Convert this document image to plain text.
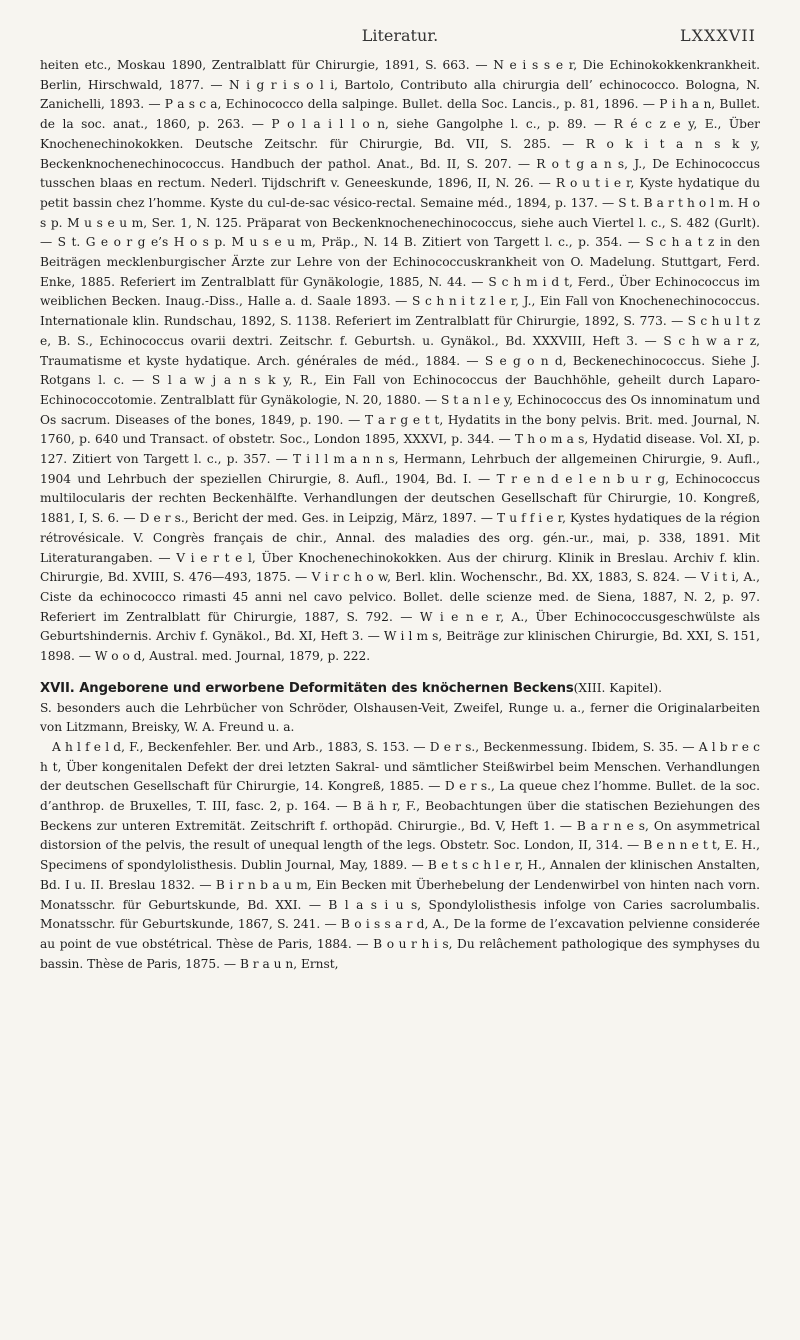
Literatur.	LXXXVII

heiten etc., Moskau 1890, Zentralblatt für Chirurgie, 1891, S. 663. — N e i s s e r, Die Echinokokkenkrankheit. Berlin, Hirschwald, 1877. — N i g r i s o l i, Bartolo, Contributo alla chirurgia dell’ echinococco. Bologna, N. Zanichelli, 1893. — P a s c a, Echinococco della salpinge. Bullet. della Soc. Lancis., p. 81, 1896. — P i h a n, Bullet. de la soc. anat., 1860, p. 263. — P o l a i l l o n, siehe Gangolphe l. c., p. 89. — R é c z e y, E., Über Knochenechinokokken. Deutsche Zeitschr. für Chirurgie, Bd. VII, S. 285. — R o k i t a n s k y, Beckenknochenechinococcus. Handbuch der pathol. Anat., Bd. II, S. 207. — R o t g a n s, J., De Echinococcus tusschen blaas en rectum. Nederl. Tijdschrift v. Geneeskunde, 1896, II, N. 26. — R o u t i e r, Kyste hydatique du petit bassin chez l’homme. Kyste du cul-de-sac vésico-rectal. Semaine méd., 1894, p. 137. — S t. B a r t h o l m. H o s p. M u s e u m, Ser. 1, N. 125. Präparat von Beckenknochenechinococcus, siehe auch Viertel l. c., S. 482 (Gurlt). — S t. G e o r g e’s H o s p. M u s e u m, Präp., N. 14 B. Zitiert von Targett l. c., p. 354. — S c h a t z in den Beiträgen mecklenburgischer Ärzte zur Lehre von der Echinococcuskrankheit von O. Madelung. Stuttgart, Ferd. Enke, 1885. Referiert im Zentralblatt für Gynäkologie, 1885, N. 44. — S c h m i d t, Ferd., Über Echinococcus im weiblichen Becken. Inaug.-Diss., Halle a. d. Saale 1893. — S c h n i t z l e r, J., Ein Fall von Knochenechinococcus. Internationale klin. Rundschau, 1892, S. 1138. Referiert im Zentralblatt für Chirurgie, 1892, S. 773. — S c h u l t z e, B. S., Echinococcus ovarii dextri. Zeitschr. f. Geburtsh. u. Gynäkol., Bd. XXXVIII, Heft 3. — S c h w a r z, Traumatisme et kyste hydatique. Arch. générales de méd., 1884. — S e g o n d, Beckenechinococcus. Siehe J. Rotgans l. c. — S l a w j a n s k y, R., Ein Fall von Echinococcus der Bauchhöhle, geheilt durch Laparo-Echinococcotomie. Zentralblatt für Gynäkologie, N. 20, 1880. — S t a n l e y, Echinococcus des Os innominatum und Os sacrum. Diseases of the bones, 1849, p. 190. — T a r g e t t, Hydatits in the bony pelvis. Brit. med. Journal, N. 1760, p. 640 und Transact. of obstetr. Soc., London 1895, XXXVI, p. 344. — T h o m a s, Hydatid disease. Vol. XI, p. 127. Zitiert von Targett l. c., p. 357. — T i l l m a n n s, Hermann, Lehrbuch der allgemeinen Chirurgie, 9. Aufl., 1904 und Lehrbuch der speziellen Chirurgie, 8. Aufl., 1904, Bd. I. — T r e n d e l e n b u r g, Echinococcus multilocularis der rechten Beckenhälfte. Verhandlungen der deutschen Gesellschaft für Chirurgie, 10. Kongreß, 1881, I, S. 6. — D e r s., Bericht der med. Ges. in Leipzig, März, 1897. — T u f f i e r, Kystes hydatiques de la région rétrovésicale. V. Congrès français de chir., Annal. des maladies des org. gén.-ur., mai, p. 338, 1891. Mit Literaturangaben. — V i e r t e l, Über Knochenechinokokken. Aus der chirurg. Klinik in Breslau. Archiv f. klin. Chirurgie, Bd. XVIII, S. 476—493, 1875. — V i r c h o w, Berl. klin. Wochenschr., Bd. XX, 1883, S. 824. — V i t i, A., Ciste da echinococco rimasti 45 anni nel cavo pelvico. Bollet. delle scienze med. de Siena, 1887, N. 2, p. 97. Referiert im Zentralblatt für Chirurgie, 1887, S. 792. — W i e n e r, A., Über Echinococcusgeschwülste als Geburtshindernis. Archiv f. Gynäkol., Bd. XI, Heft 3. — W i l m s, Beiträge zur klinischen Chirurgie, Bd. XXI, S. 151, 1898. — W o o d, Austral. med. Journal, 1879, p. 222.

XVII. Angeborene und erworbene Deformitäten des knöchernen Beckens(XIII. Kapitel).

S. besonders auch die Lehrbücher von Schröder, Olshausen-Veit, Zweifel, Runge u. a., ferner die Originalarbeiten von Litzmann, Breisky, W. A. Freund u. a.

A h l f e l d, F., Beckenfehler. Ber. und Arb., 1883, S. 153. — D e r s., Beckenmessung. Ibidem, S. 35. — A l b r e c h t, Über kongenitalen Defekt der drei letzten Sakral- und sämtlicher Steißwirbel beim Menschen. Verhandlungen der deutschen Gesellschaft für Chirurgie, 14. Kongreß, 1885. — D e r s., La queue chez l’homme. Bullet. de la soc. d’anthrop. de Bruxelles, T. III, fasc. 2, p. 164. — B ä h r, F., Beobachtungen über die statischen Beziehungen des Beckens zur unteren Extremität. Zeitschrift f. orthopäd. Chirurgie., Bd. V, Heft 1. — B a r n e s, On asymmetrical distorsion of the pelvis, the result of unequal length of the legs. Obstetr. Soc. London, II, 314. — B e n n e t t, E. H., Specimens of spondylolisthesis. Dublin Journal, May, 1889. — B e t s c h l e r, H., Annalen der klinischen Anstalten, Bd. I u. II. Breslau 1832. — B i r n b a u m, Ein Becken mit Überhebelung der Lendenwirbel von hinten nach vorn. Monatsschr. für Geburtskunde, Bd. XXI. — B l a s i u s, Spondylolisthesis infolge von Caries sacrolumbalis. Monatsschr. für Geburtskunde, 1867, S. 241. — B o i s s a r d, A., De la forme de l’excavation pelvienne considerée au point de vue obstétrical. Thèse de Paris, 1884. — B o u r h i s, Du relâchement pathologique des symphyses du bassin. Thèse de Paris, 1875. — B r a u n, Ernst,
